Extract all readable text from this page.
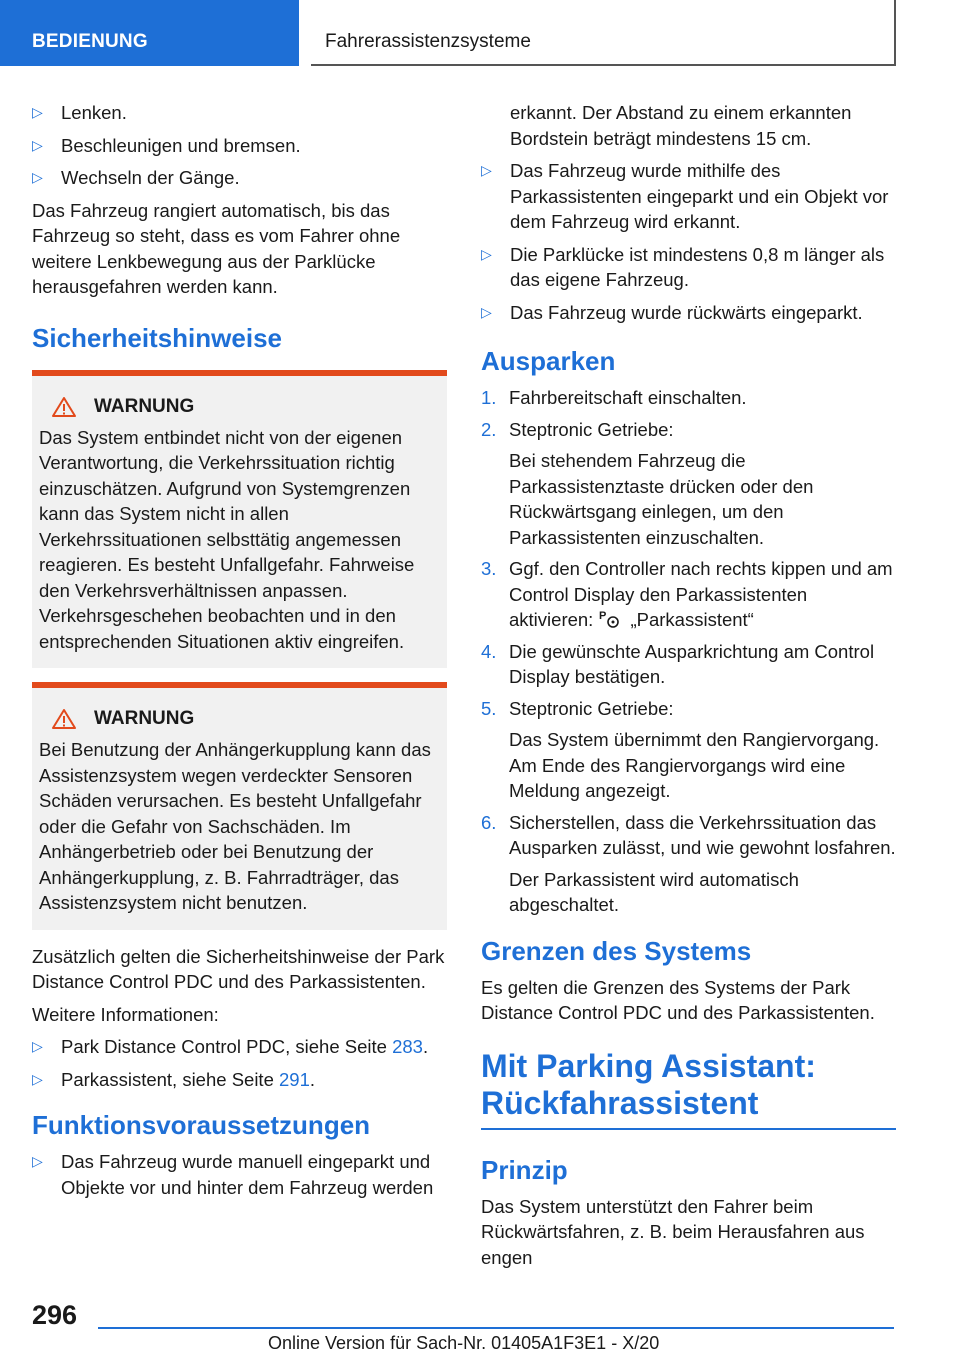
BEDIENUNG	Fahrerassistenzsysteme
▷ Lenken.
▷ Beschleunigen und bremsen.
▷ Wechseln der Gänge.

Das Fahrzeug rangiert automatisch, bis das Fahrzeug so steht, dass es vom Fahrer ohne weitere Lenkbewegung aus der Parklücke herausgefahren werden kann.

Sicherheitshinweise
WARNUNG
Das System entbindet nicht von der eigenen Verantwortung, die Verkehrssituation richtig einzuschätzen. Aufgrund von Systemgrenzen kann das System nicht in allen Verkehrssituationen selbsttätig angemessen reagieren. Es besteht Unfallgefahr. Fahrweise den Verkehrsverhältnissen anpassen. Verkehrsgeschehen beobachten und in den entsprechenden Situationen aktiv eingreifen.
WARNUNG
Bei Benutzung der Anhängerkupplung kann das Assistenzsystem wegen verdeckter Sensoren Schäden verursachen. Es besteht Unfallgefahr oder die Gefahr von Sachschäden. Im Anhängerbetrieb oder bei Benutzung der Anhängerkupplung, z. B. Fahrradträger, das Assistenzsystem nicht benutzen.

Zusätzlich gelten die Sicherheitshinweise der Park Distance Control PDC und des Parkassistenten.

Weitere Informationen:

▷ Park Distance Control PDC, siehe Seite 283.
▷ Parkassistent, siehe Seite 291.
Funktionsvoraussetzungen
▷ Das Fahrzeug wurde manuell eingeparkt und Objekte vor und hinter dem Fahrzeug werden

erkannt. Der Abstand zu einem erkannten Bordstein beträgt mindestens 15 cm.

▷ Das Fahrzeug wurde mithilfe des Parkassistenten eingeparkt und ein Objekt vor dem Fahrzeug wird erkannt.
▷ Die Parklücke ist mindestens 0,8 m länger als das eigene Fahrzeug.
▷ Das Fahrzeug wurde rückwärts eingeparkt.
Ausparken
1. Fahrbereitschaft einschalten.
2. Steptronic Getriebe:
Bei stehendem Fahrzeug die Parkassistenztaste drücken oder den Rückwärtsgang einlegen, um den Parkassistenten einzuschalten.
3. Ggf. den Controller nach rechts kippen und am Control Display den Parkassistenten aktivieren: P „Parkassistent“
4. Die gewünschte Ausparkrichtung am Control Display bestätigen.
5. Steptronic Getriebe:
Das System übernimmt den Rangiervorgang. Am Ende des Rangiervorgangs wird eine Meldung angezeigt.
6. Sicherstellen, dass die Verkehrssituation das Ausparken zulässt, und wie gewohnt losfahren.
Der Parkassistent wird automatisch abgeschaltet.
Grenzen des Systems

Es gelten die Grenzen des Systems der Park Distance Control PDC und des Parkassistenten.

Mit Parking Assistant: Rückfahrassistent
Prinzip

Das System unterstützt den Fahrer beim Rückwärtsfahren, z. B. beim Herausfahren aus engen

296
Online Version für Sach-Nr. 01405A1F3E1 - X/20
